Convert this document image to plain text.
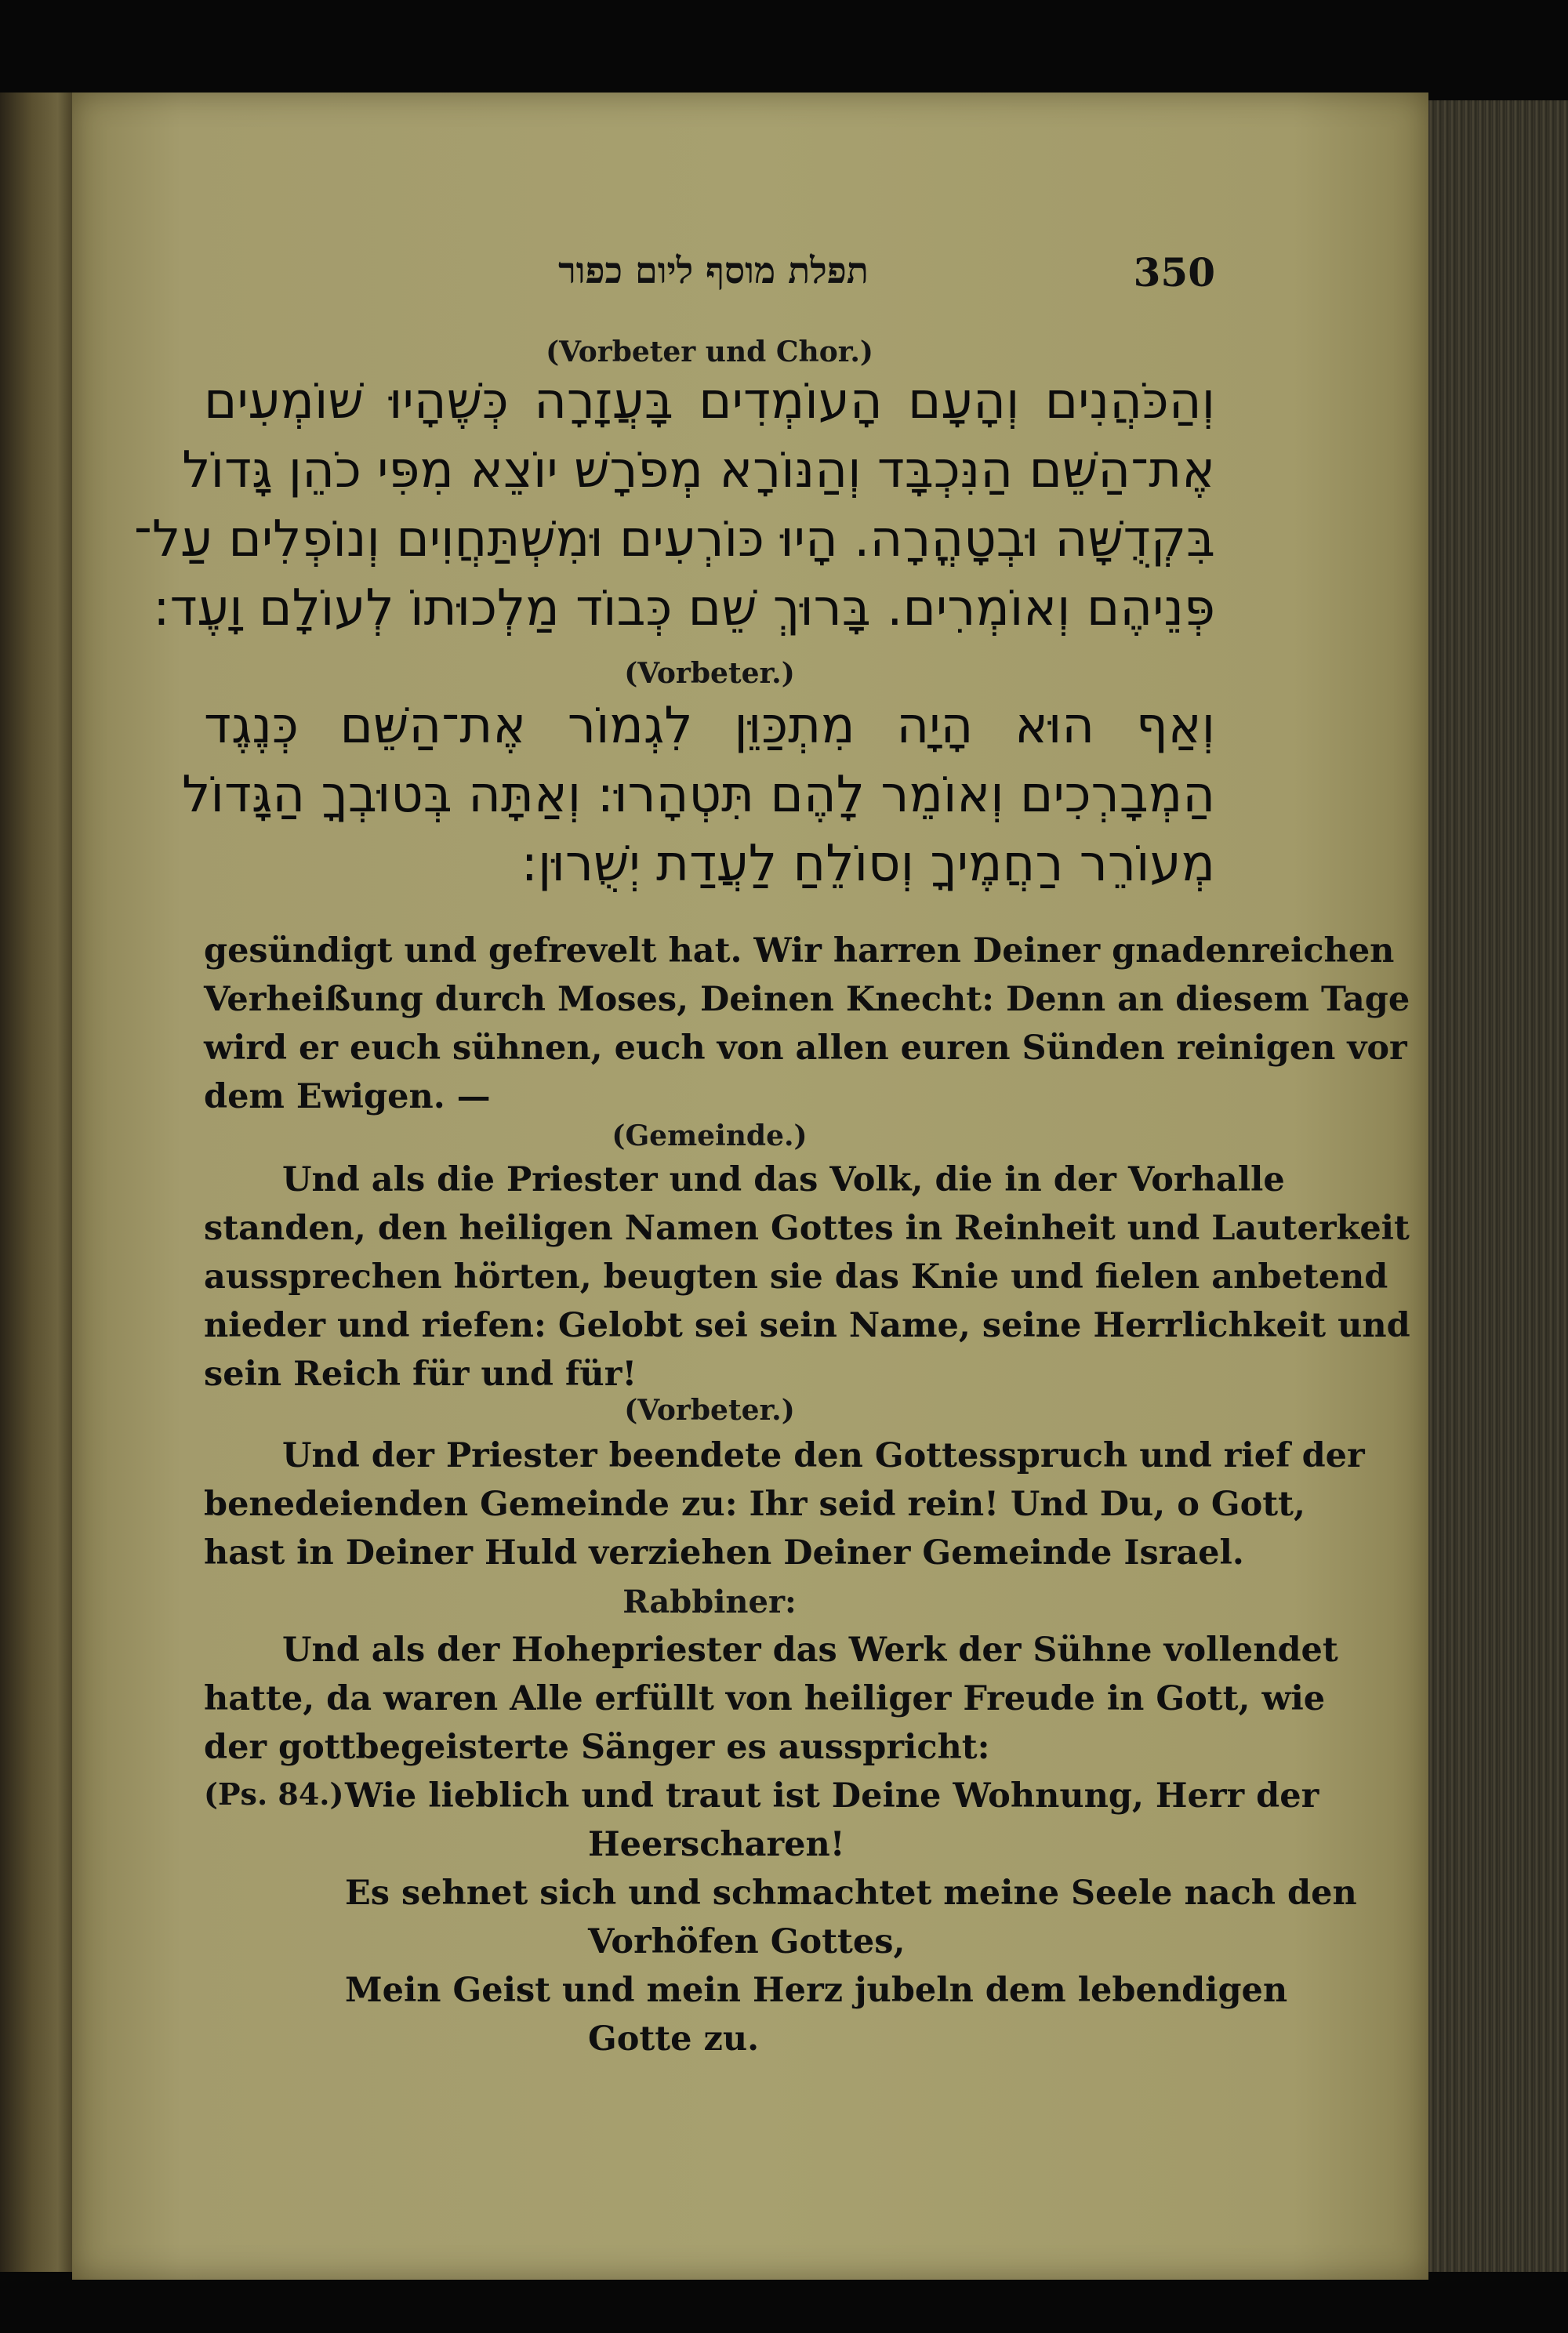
תפלת מוסף ליום כפור	350
(Vorbeter und Chor.)
וְהַכֹּהֲנִים וְהָעָם הָעוֹמְדִים בָּעֲזָרָה כְּשֶׁהָיוּ שׁוֹמְעִים
אֶת־הַשֵּׁם הַנִּכְבָּד וְהַנּוֹרָא מְפֹרָשׁ יוֹצֵא מִפִּי כֹהֵן גָּדוֹל
בִּקְדֻשָּׁה וּבְטָהֳרָה. הָיוּ כּוֹרְעִים וּמִשְׁתַּחֲוִים וְנוֹפְלִים עַל־
פְּנֵיהֶם וְאוֹמְרִים. בָּרוּךְ שֵׁם כְּבוֹד מַלְכוּתוֹ לְעוֹלָם וָעֶד:
(Vorbeter.)
וְאַף הוּא הָיָה מִתְכַּוֵּן לִגְמוֹר אֶת־הַשֵּׁם כְּנֶגֶד
הַמְבָרְכִים וְאוֹמֵר לָהֶם תִּטְהָרוּ: וְאַתָּה בְּטוּבְךָ הַגָּדוֹל
מְעוֹרֵר רַחֲמֶיךָ וְסוֹלֵחַ לַעֲדַת יְשֻׁרוּן:
gesündigt und gefrevelt hat. Wir harren Deiner gnadenreichen
Verheißung durch Moses, Deinen Knecht: Denn an diesem Tage
wird er euch sühnen, euch von allen euren Sünden reinigen vor
dem Ewigen. —
(Gemeinde.)
Und als die Priester und das Volk, die in der Vorhalle
standen, den heiligen Namen Gottes in Reinheit und Lauterkeit
aussprechen hörten, beugten sie das Knie und fielen anbetend
nieder und riefen: Gelobt sei sein Name, seine Herrlichkeit und
sein Reich für und für!
(Vorbeter.)
Und der Priester beendete den Gottesspruch und rief der
benedeienden Gemeinde zu: Ihr seid rein! Und Du, o Gott,
hast in Deiner Huld verziehen Deiner Gemeinde Israel.
Rabbiner:
Und als der Hohepriester das Werk der Sühne vollendet
hatte, da waren Alle erfüllt von heiliger Freude in Gott, wie
der gottbegeisterte Sänger es ausspricht:
(Ps. 84.) Wie lieblich und traut ist Deine Wohnung, Herr der
Heerscharen!
Es sehnet sich und schmachtet meine Seele nach den
Vorhöfen Gottes,
Mein Geist und mein Herz jubeln dem lebendigen
Gotte zu.
